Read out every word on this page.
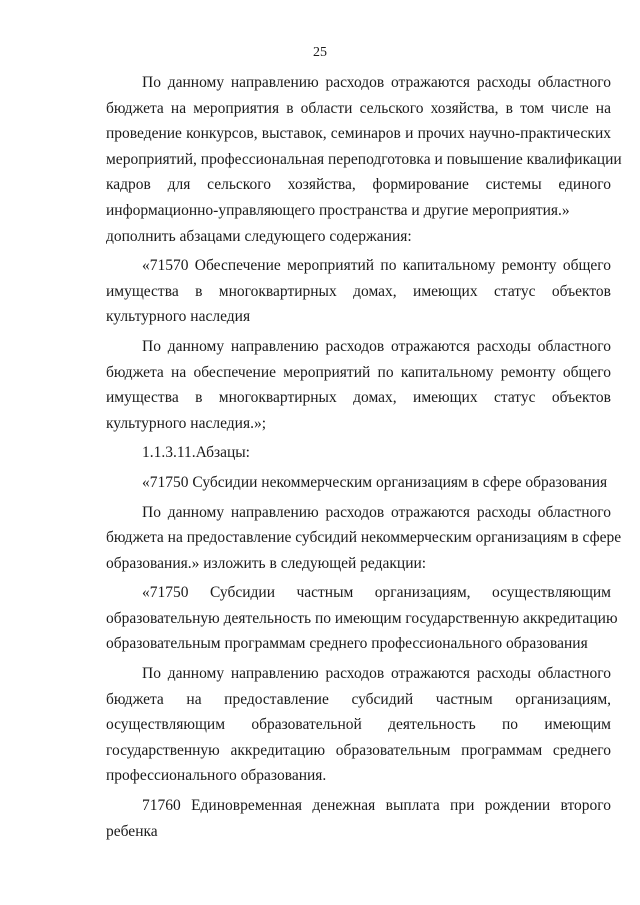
25
По данному направлению расходов отражаются расходы областного
бюджета на мероприятия в области сельского хозяйства, в том числе на
проведение конкурсов, выставок, семинаров и прочих научно-практических
мероприятий, профессиональная переподготовка и повышение квалификации
кадров для сельского хозяйства, формирование системы единого
информационно-управляющего пространства и другие мероприятия.»
дополнить абзацами следующего содержания:
«71570 Обеспечение мероприятий по капитальному ремонту общего
имущества в многоквартирных домах, имеющих статус объектов
культурного наследия
По данному направлению расходов отражаются расходы областного
бюджета на обеспечение мероприятий по капитальному ремонту общего
имущества в многоквартирных домах, имеющих статус объектов
культурного наследия.»;
1.1.3.11.Абзацы:
«71750 Субсидии некоммерческим организациям в сфере образования
По данному направлению расходов отражаются расходы областного
бюджета на предоставление субсидий некоммерческим организациям в сфере
образования.» изложить в следующей редакции:
«71750 Субсидии частным организациям, осуществляющим
образовательную деятельность по имеющим государственную аккредитацию
образовательным программам среднего профессионального образования
По данному направлению расходов отражаются расходы областного
бюджета на предоставление субсидий частным организациям,
осуществляющим образовательной деятельность по имеющим
государственную аккредитацию образовательным программам среднего
профессионального образования.
71760 Единовременная денежная выплата при рождении второго
ребенка
